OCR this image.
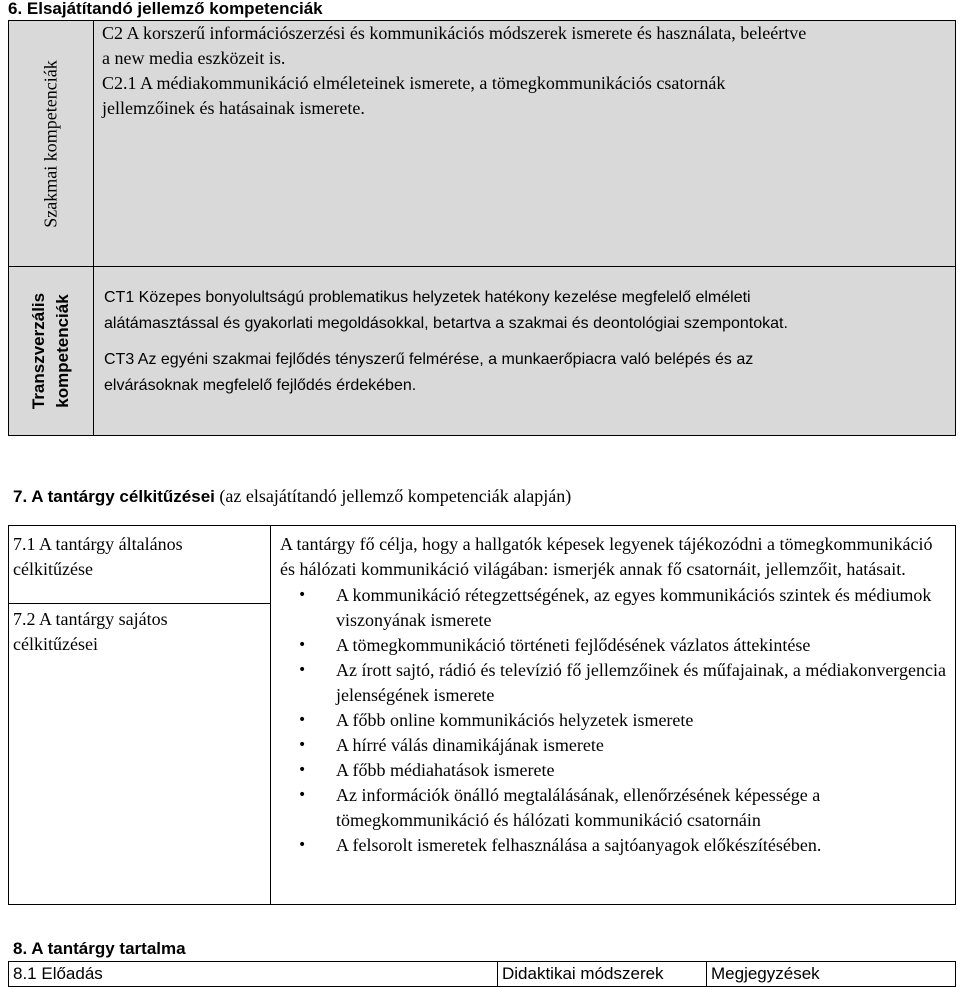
6. Elsajátítandó jellemző kompetenciák
Szakmai kompetenciák
C2 A korszerű információszerzési és kommunikációs módszerek ismerete és használata, beleértve
a new media eszközeit is.
C2.1 A médiakommunikáció elméleteinek ismerete, a tömegkommunikációs csatornák
jellemzőinek és hatásainak ismerete.
Transzverzális kompetenciák CT1 Közepes bonyolultságú problematikus helyzetek hatékony kezelése megfelelő elméleti
alátámasztással és gyakorlati megoldásokkal, betartva a szakmai és deontológiai szempontokat.
CT3 Az egyéni szakmai fejlődés tényszerű felmérése, a munkaerőpiacra való belépés és az
elvárásoknak megfelelő fejlődés érdekében.
7. A tantárgy célkitűzései (az elsajátítandó jellemző kompetenciák alapján)
7.1 A tantárgy általános célkitűzése
7.2 A tantárgy sajátos célkitűzései
A tantárgy fő célja, hogy a hallgatók képesek legyenek tájékozódni a tömegkommunikáció és hálózati kommunikáció világában: ismerjék annak fő csatornáit, jellemzőit, hatásait.
• A kommunikáció rétegzettségének, az egyes kommunikációs szintek és médiumok viszonyának ismerete
• A tömegkommunikáció történeti fejlődésének vázlatos áttekintése
• Az írott sajtó, rádió és televízió fő jellemzőinek és műfajainak, a médiakonvergencia jelenségének ismerete
• A főbb online kommunikációs helyzetek ismerete
• A hírré válás dinamikájának ismerete
• A főbb médiahatások ismerete
• Az információk önálló megtalálásának, ellenőrzésének képessége a tömegkommunikáció és hálózati kommunikáció csatornáin
• A felsorolt ismeretek felhasználása a sajtóanyagok előkészítésében.
8. A tantárgy tartalma
8.1 Előadás	Didaktikai módszerek	Megjegyzések
